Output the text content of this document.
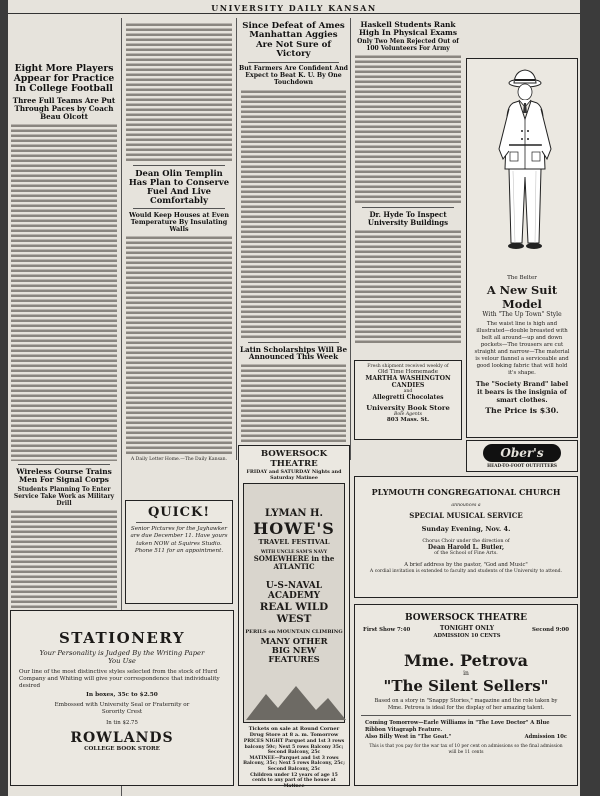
UNIVERSITY DAILY KANSAN
Eight More Players Appear for Practice In College Football
Three Full Teams Are Put Through Paces by Coach Beau Olcott
Wireless Course Trains Men For Signal Corps
Students Planning To Enter Service Take Work as Military Drill
Dean Olin Templin Has Plan to Conserve Fuel And Live Comfortably
Would Keep Houses at Even Temperature By Insulating Walls
A Daily Letter Home.—The Daily Kansan.
Since Defeat of Ames Manhattan Aggies Are Not Sure of Victory
But Farmers Are Confident And Expect to Beat K. U. By One Touchdown
Latin Scholarships Will Be Announced This Week
Haskell Students Rank High In Physical Exams
Only Two Men Rejected Out of 100 Volunteers For Army
Dr. Hyde To Inspect University Buildings
Fresh shipment received weekly of
Old Time Homemade
MARTHA WASHINGTON CANDIES
and
Allegretti Chocolates
University Book Store
Bole Agents
803 Mass. St.
The Belter
A New Suit Model
With "The Up Town" Style
The waist line is high and illustrated—double breasted with belt all around—up and down pockets—The trousers are cut straight and narrow—The material is velour flannel a serviceable and good looking fabric that will hold it's shape.
The "Society Brand" label it bears is the insignia of smart clothes.
The Price is $30.
Ober's
HEAD-TO-FOOT OUTFITTERS
QUICK!
Senior Pictures for the Jayhawker are due December 11. Have yours taken NOW at Squires Studio. Phone 511 for an appointment.
BOWERSOCK THEATRE
FRIDAY and SATURDAY Nights and Saturday Matinee
LYMAN H.
HOWE'S
TRAVEL FESTIVAL
WITH UNCLE SAM'S NAVY
SOMEWHERE in the ATLANTIC
U-S-NAVAL ACADEMY
REAL WILD WEST
PERILS on MOUNTAIN CLIMBING
MANY OTHER BIG NEW FEATURES
Tickets on sale at Round Corner Drug Store at 8 a. m. Tomorrow
PRICES NIGHT Parquet and 1st 3 rows balcony 50c; Next 5 rows Balcony 35c; Second Balcony, 25c
MATINEE—Parquet and 1st 3 rows Balcony, 35c; Next 5 rows Balcony, 25c; Second Balcony, 25c
Children under 12 years of age 15 cents to any part of the house at Matinee
STATIONERY
Your Personality is Judged By the Writing Paper You Use
Our line of the most distinctive styles selected from the stock of Hurd Company and Whiting will give your correspondence that individuality desired
In boxes, 35c to $2.50
Embossed with University Seal or Fraternity or Sorority Crest
In tin $2.75
ROWLANDS
COLLEGE BOOK STORE
PLYMOUTH CONGREGATIONAL CHURCH
announces a
SPECIAL MUSICAL SERVICE
Sunday Evening, Nov. 4.
Chorus Choir under the direction of
Dean Harold L. Butler,
of the School of Fine Arts.
A brief address by the pastor, "God and Music"
A cordial invitation is extended to faculty and students of the University to attend.
BOWERSOCK THEATRE
First Show 7:40	TONIGHT ONLY
ADMISSION 10 CENTS
Second 9:00
Mme. Petrova
in
"The Silent Sellers"
Based on a story in "Snappy Stories," magazine and the role taken by Mme. Petrova is ideal for the display of her amazing talent.
Coming Tomorrow—Earle Williams in "The Love Doctor" A Blue Ribbon Vitagraph Feature.
Also Billy West in "The Goat."	Admission 10c
This is that you pay for the war tax of 10 per cent on admissions so the final admission will be 11 cents
